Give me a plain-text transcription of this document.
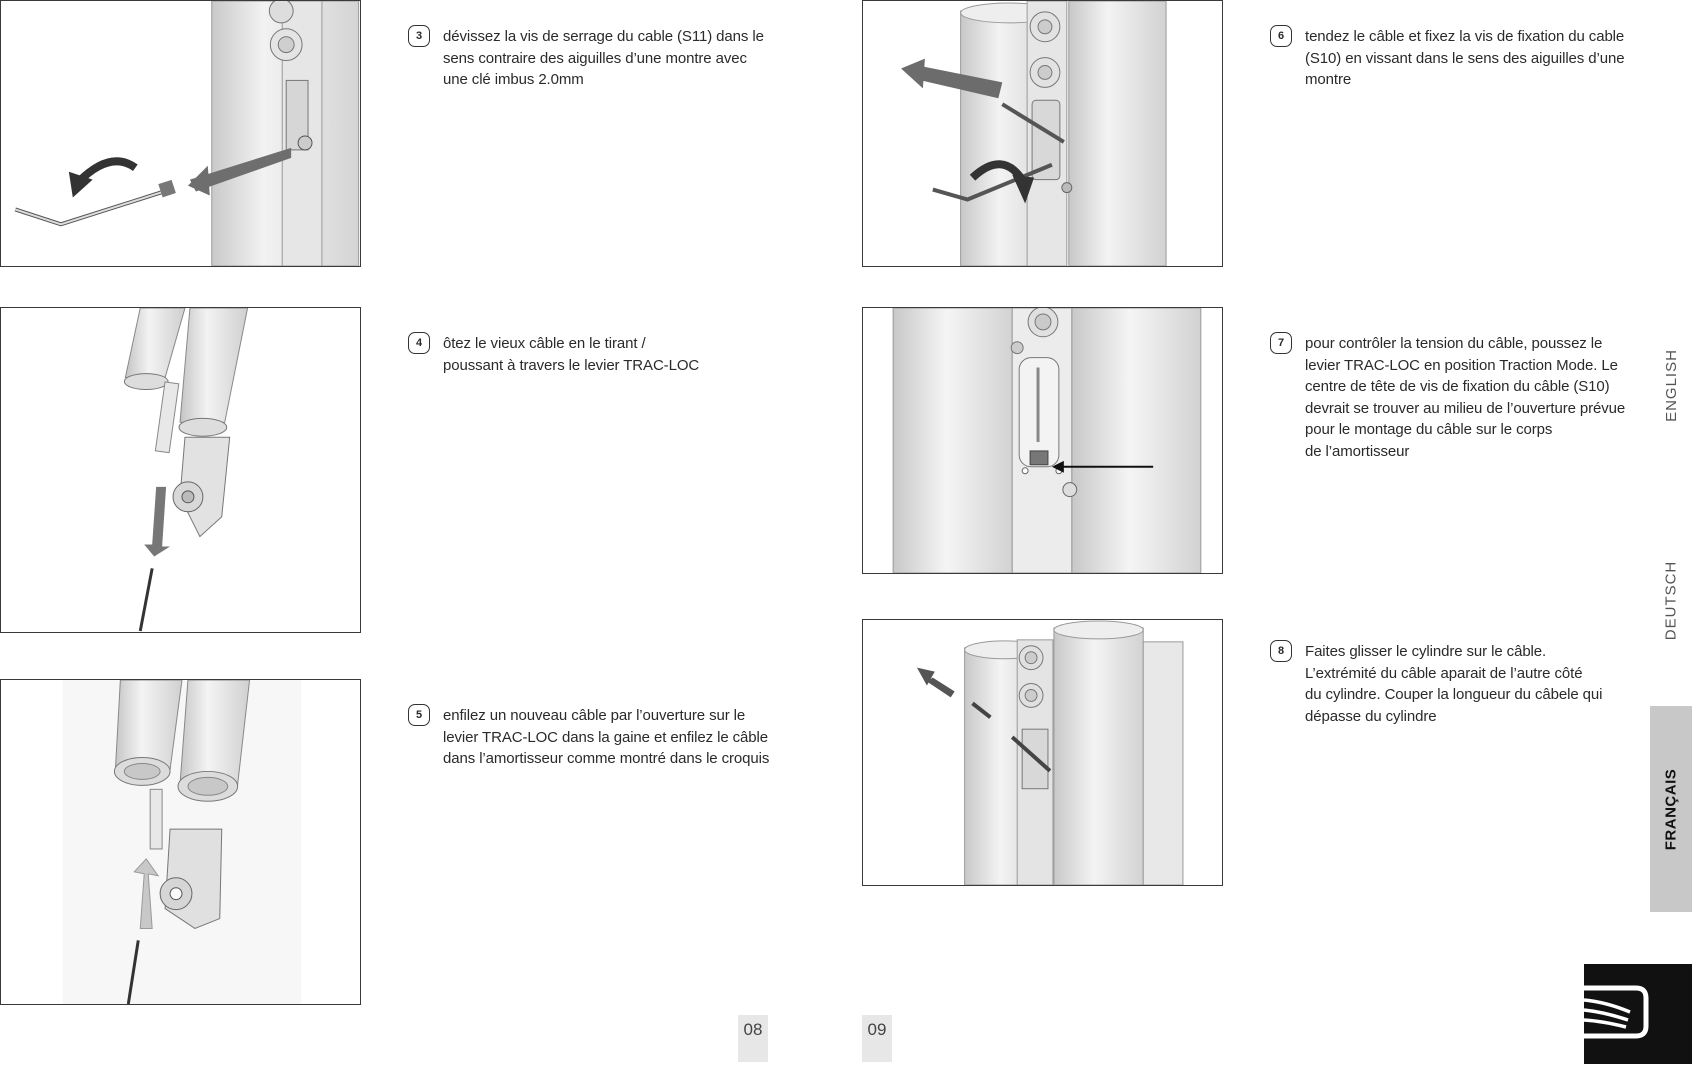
3	dévissez la vis de serrage du cable (S11) dans le
sens contraire des aiguilles d’une montre avec
une clé imbus 2.0mm
4	ôtez le vieux câble en le tirant /
poussant à travers le levier TRAC-LOC
5	enfilez un nouveau câble par l’ouverture sur le
levier TRAC-LOC dans la gaine et enfilez le câble
dans l’amortisseur comme montré dans le croquis
6	tendez le câble et fixez la vis de fixation du cable
(S10) en vissant dans le sens des aiguilles d’une
montre
7	pour contrôler la tension du câble, poussez le
levier TRAC-LOC en position Traction Mode. Le
centre de tête de vis de fixation du câble (S10)
devrait se trouver au milieu de l’ouverture prévue
pour le montage du câble sur le corps
de l’amortisseur
8	Faites glisser le cylindre sur le câble.
L’extrémité du câble aparait de l’autre côté
du cylindre. Couper la longueur du câbele qui
dépasse du cylindre
08	09
ENGLISH
DEUTSCH
FRANÇAIS
